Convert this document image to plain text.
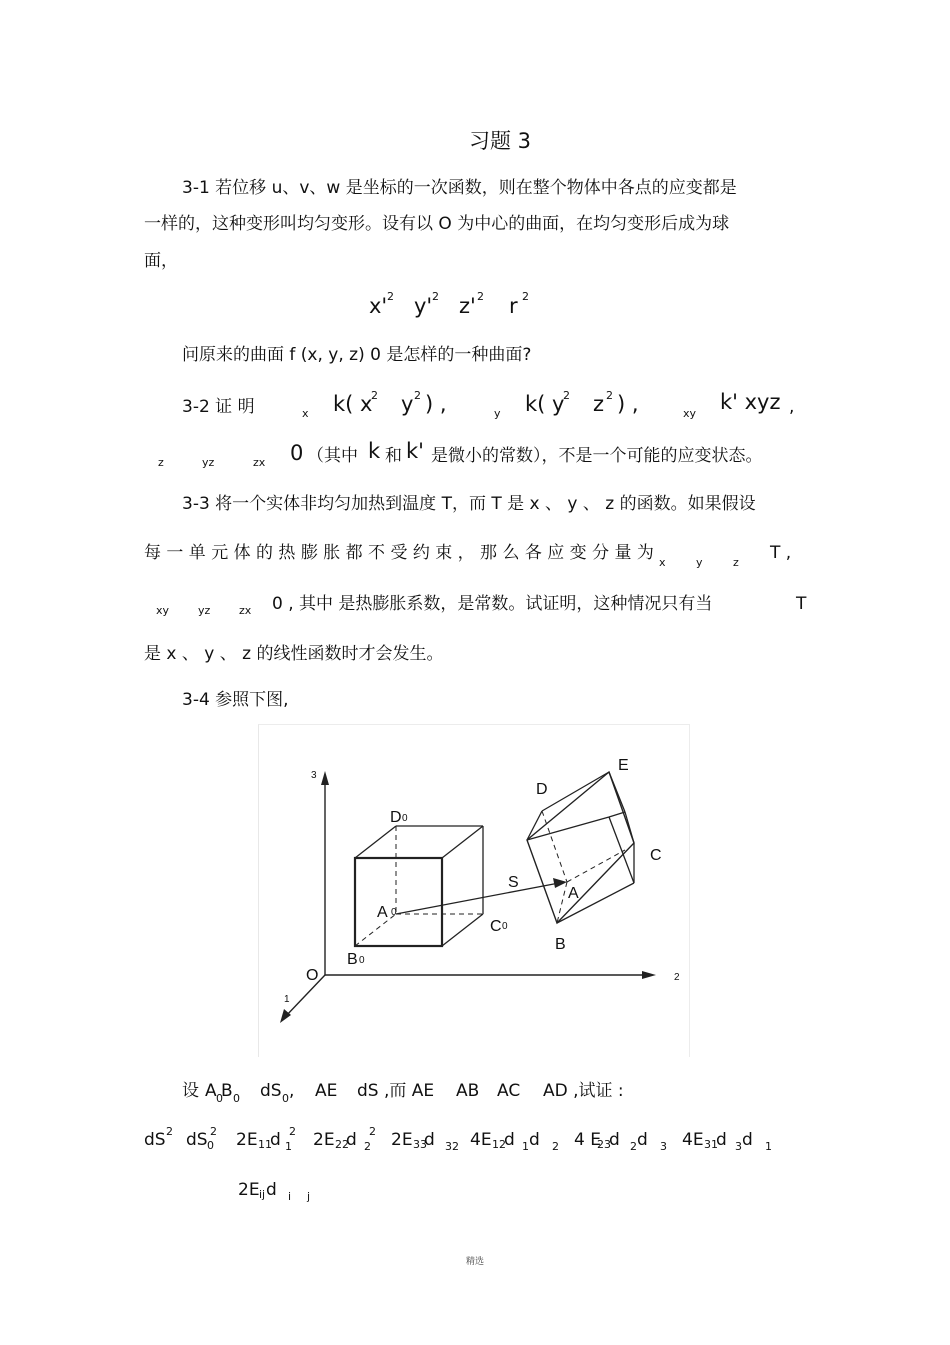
习题 3
3-1 若位移 u、v、w 是坐标的一次函数，则在整个物体中各点的应变都是
一样的，这种变形叫均匀变形。设有以 O 为中心的曲面，在均匀变形后成为球
面，
x' 2 y' 2 z' 2 r 2
问原来的曲面 f (x, y, z) 0 是怎样的一种曲面?
3-2 证 明	x k( x
2 y 2 ) ,	y k( y
2 z 2 ) ,	xy k' xyz ,
z	yz	zx 0 （其中 k 和 k' 是微小的常数），不是一个可能的应变状态。
3-3 将一个实体非均匀加热到温度 T，而 T 是 x 、 y 、 z 的函数。如果假设
每 一 单 元 体 的 热 膨 胀 都 不 受 约 束 ， 那 么 各 应 变 分 量 为 x	y	z T ,
xy	yz	zx 0 , 其中 是热膨胀系数，是常数。试证明，这种情况只有当	T
是 x 、 y 、 z 的线性函数时才会发生。
3-4 参照下图,
3
2
1
O
D 0
A 0
B 0
C 0
S
D
E
C
A
B
设 A 0
B 0 dS 0 , AE dS ,而 AE AB AC AD ,试证 :
dS 2 dS 2
0 2E 11
d 2
1 2E 22
d 2
2 2E 33
d 32 4E 12
d 1 d 2 4 E
23
d 2 d 3 4E 31
d 3 d 1
2E ij d i j
精选
